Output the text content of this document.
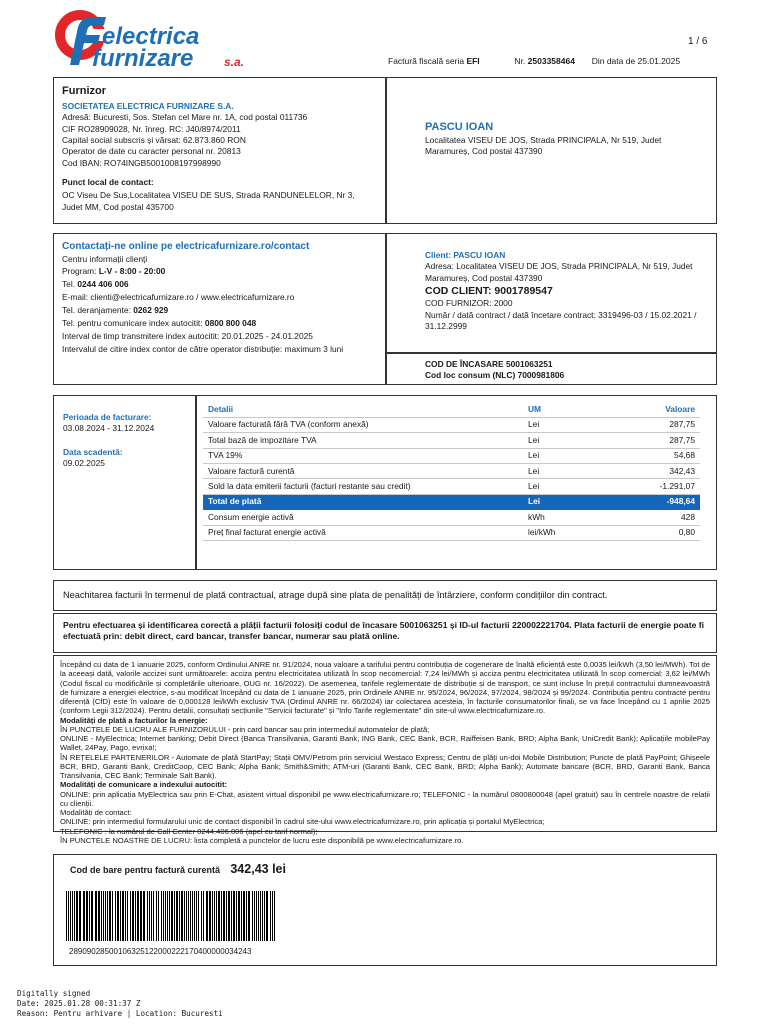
electrica
furnizare	s.a.
1 / 6
Factură fiscală seria EFI	Nr. 2503358464 Din data de 25.01.2025
Furnizor
SOCIETATEA ELECTRICA FURNIZARE S.A.
Adresă: Bucuresti, Sos. Stefan cel Mare nr. 1A, cod postal 011736
CIF RO28909028, Nr. înreg. RC: J40/8974/2011
Capital social subscris și vărsat: 62.873.860 RON
Operator de date cu caracter personal nr. 20813
Cod IBAN: RO74INGB5001008197998990
Punct local de contact:
OC Viseu De Sus,Localitatea VISEU DE SUS, Strada RANDUNELELOR, Nr 3, Judet MM, Cod postal 435700
PASCU IOAN
Localitatea VISEU DE JOS, Strada PRINCIPALA, Nr 519, Judet Maramureș, Cod postal 437390
Contactați-ne online pe electricafurnizare.ro/contact
Centru informații clienți
Program: L-V - 8:00 - 20:00
Tel. 0244 406 006
E-mail: clienti@electricafurnizare.ro / www.electricafurnizare.ro
Tel. deranjamente: 0262 929
Tel. pentru comunicare index autocitit: 0800 800 048
Interval de timp transmitere index autocitit: 20.01.2025 - 24.01.2025
Intervalul de citire index contor de către operator distribuție: maximum 3 luni
Client: PASCU IOAN
Adresa: Localitatea VISEU DE JOS, Strada PRINCIPALA, Nr 519, Judet Maramureș, Cod postal 437390
COD CLIENT: 9001789547
COD FURNIZOR: 2000
Număr / dată contract / dată încetare contract: 3319496-03 / 15.02.2021 / 31.12.2999
COD DE ÎNCASARE 5001063251
Cod loc consum (NLC) 7000981806
Perioada de facturare:
03.08.2024 - 31.12.2024
Data scadentă:
09.02.2025
Detalii	UM	Valoare
Valoare facturată fără TVA (conform anexă)	Lei	287,75
Total bază de impozitare TVA	Lei	287,75
TVA 19%	Lei	54,68
Valoare factură curentă	Lei	342,43
Sold la data emiterii facturii (facturi restante sau credit)	Lei	-1.291,07
Total de plată	Lei	-948,64
Consum energie activă	kWh	428
Preț final facturat energie activă	lei/kWh	0,80
Neachitarea facturii în termenul de plată contractual, atrage după sine plata de penalități de întârziere, conform condițiilor din contract.
Pentru efectuarea și identificarea corectă a plății facturii folosiți codul de încasare 5001063251 și ID-ul facturii 220002221704. Plata facturii de energie poate fi efectuată prin: debit direct, card bancar, transfer bancar, numerar sau plată online.

Începând cu data de 1 ianuarie 2025, conform Ordinului ANRE nr. 91/2024, noua valoare a tarifului pentru contribuția de cogenerare de înaltă eficiență este 0,0035 lei/kWh (3,50 lei/MWh). Tot de la aceeași dată, valorile accizei sunt următoarele: acciza pentru electricitatea utilizată în scop necomercial: 7,24 lei/MWh și acciza pentru electricitatea utilizată în scop comercial: 3,62 lei/MWh (Codul fiscal cu modificările și completările ulterioare, OUG nr. 16/2022). De asemenea, tarifele reglementate de distribuție și de transport, ce sunt incluse în prețul contractului dumneavoastră de furnizare a energiei electrice, s-au modificat începând cu data de 1 ianuarie 2025, prin Ordinele ANRE nr. 95/2024, 96/2024, 97/2024, 98/2024 și 99/2024. Contribuția pentru contracte pentru diferență (CfD) este în valoare de 0,000128 lei/kWh exclusiv TVA (Ordinul ANRE nr. 66/2024) iar colectarea acesteia, în facturile consumatorilor finali, se va face începând cu 1 aprilie 2025 (conform Legii 312/2024). Pentru detalii, consultați secțiunile "Servicii facturate" și "Info Tarife reglementate" din site-ul www.electricafurnizare.ro.

Modalități de plată a facturilor la energie:

ÎN PUNCTELE DE LUCRU ALE FURNIZORULUI - prin card bancar sau prin intermediul automatelor de plată;

ONLINE - MyElectrica; Internet banking; Debit Direct (Banca Transilvania, Garanti Bank, ING Bank, CEC Bank, BCR, Raiffeisen Bank, BRD; Alpha Bank, UniCredit Bank); Aplicațiile mobilePay Wallet, 24Pay, Pago, evrixa!;

ÎN REȚELELE PARTENERILOR - Automate de plată StartPay; Stații OMV/Petrom prin serviciul Westaco Express; Centru de plăți un-doi Mobile Distribution; Puncte de plată PayPoint; Ghișeele BCR, BRD, Garanti Bank, CreditCoop, CEC Bank; Alpha Bank; Smith&Smith; ATM-uri (Garanti Bank, CEC Bank, BRD; Alpha Bank); Automate bancare (BCR, BRD, Garanti Bank, Banca Transilvania, CEC Bank; Terminale Salt Bank).

Modalități de comunicare a indexului autocitit:

ONLINE: prin aplicația MyElectrica sau prin E-Chat, asistent virtual disponibil pe www.electricafurnizare.ro; TELEFONIC - la numărul 0800800048 (apel gratuit) sau în centrele noastre de relații cu clienții.

Modalități de contact:

ONLINE: prin intermediul formularului unic de contact disponibil în cadrul site-ului www.electricafurnizare.ro, prin aplicația și portalul MyElectrica;

TELEFONIC : la numărul de Call Center 0244.406.006 (apel cu tarif normal);

ÎN PUNCTELE NOASTRE DE LUCRU: lista completă a punctelor de lucru este disponibilă pe www.electricafurnizare.ro.

Cod de bare pentru factură curentă 342,43 lei
28909028500106325122000222170400000034243
Digitally signed
Date: 2025.01.28 00:31:37 Z
Reason: Pentru arhivare | Location: Bucuresti
